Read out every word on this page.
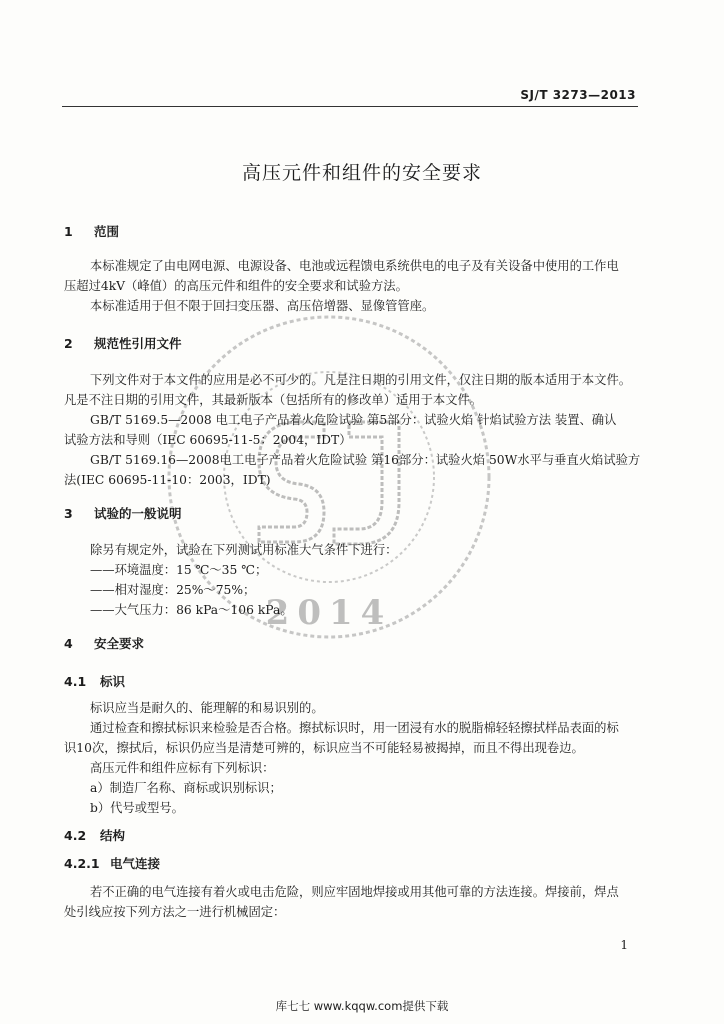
SJ/T 3273—2013
2014
高压元件和组件的安全要求
1 范围
本标准规定了由电网电源、电源设备、电池或远程馈电系统供电的电子及有关设备中使用的工作电
压超过4kV（峰值）的高压元件和组件的安全要求和试验方法。
本标准适用于但不限于回扫变压器、高压倍增器、显像管管座。
2 规范性引用文件
下列文件对于本文件的应用是必不可少的。凡是注日期的引用文件，仅注日期的版本适用于本文件。
凡是不注日期的引用文件，其最新版本（包括所有的修改单）适用于本文件。
GB/T 5169.5—2008 电工电子产品着火危险试验 第5部分：试验火焰 针焰试验方法 装置、确认
试验方法和导则（IEC 60695-11-5：2004，IDT）
GB/T 5169.16—2008电工电子产品着火危险试验 第16部分：试验火焰 50W水平与垂直火焰试验方
法(IEC 60695-11-10：2003，IDT)
3 试验的一般说明
除另有规定外，试验在下列测试用标准大气条件下进行：
——环境温度：15 ℃～35 ℃；
——相对湿度：25%～75%；
——大气压力：86 kPa～106 kPa。
4 安全要求
4.1 标识
标识应当是耐久的、能理解的和易识别的。
通过检查和擦拭标识来检验是否合格。擦拭标识时，用一团浸有水的脱脂棉轻轻擦拭样品表面的标
识10次，擦拭后，标识仍应当是清楚可辨的，标识应当不可能轻易被揭掉，而且不得出现卷边。
高压元件和组件应标有下列标识：
a）制造厂名称、商标或识别标识；
b）代号或型号。
4.2 结构
4.2.1 电气连接
若不正确的电气连接有着火或电击危险，则应牢固地焊接或用其他可靠的方法连接。焊接前，焊点
处引线应按下列方法之一进行机械固定：
1
库七七 www.kqqw.com提供下载
